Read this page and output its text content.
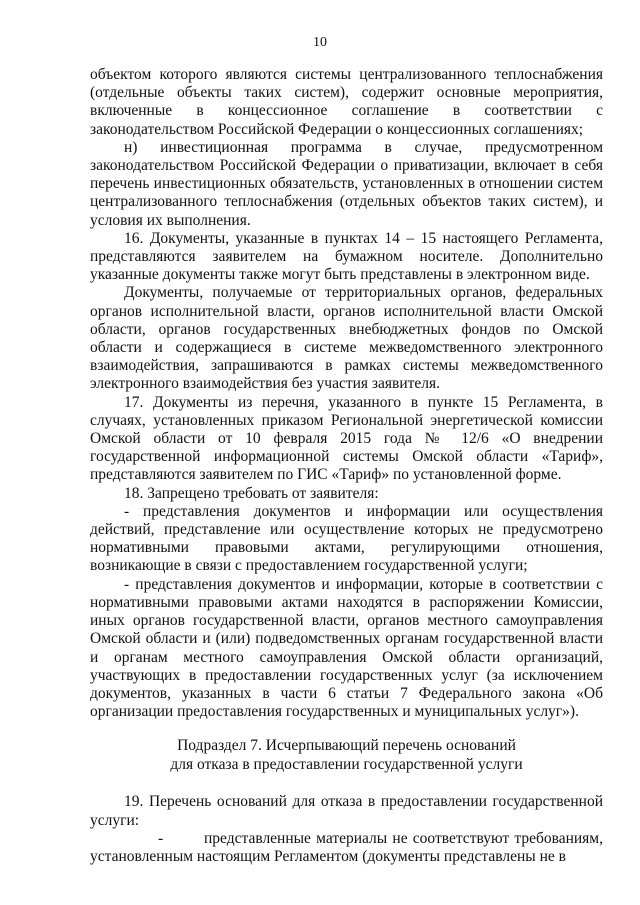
10

объектом которого являются системы централизованного теплоснабжения (отдельные объекты таких систем), содержит основные мероприятия, включенные в концессионное соглашение в соответствии с законодательством Российской Федерации о концессионных соглашениях;

н) инвестиционная программа в случае, предусмотренном законодательством Российской Федерации о приватизации, включает в себя перечень инвестиционных обязательств, установленных в отношении систем централизованного теплоснабжения (отдельных объектов таких систем), и условия их выполнения.

16. Документы, указанные в пунктах 14 – 15 настоящего Регламента, представляются заявителем на бумажном носителе. Дополнительно указанные документы также могут быть представлены в электронном виде.

Документы, получаемые от территориальных органов, федеральных органов исполнительной власти, органов исполнительной власти Омской области, органов государственных внебюджетных фондов по Омской области и содержащиеся в системе межведомственного электронного взаимодействия, запрашиваются в рамках системы межведомственного электронного взаимодействия без участия заявителя.

17. Документы из перечня, указанного в пункте 15 Регламента, в случаях, установленных приказом Региональной энергетической комиссии Омской области от 10 февраля 2015 года № 12/6 «О внедрении государственной информационной системы Омской области «Тариф», представляются заявителем по ГИС «Тариф» по установленной форме.

18. Запрещено требовать от заявителя:

- представления документов и информации или осуществления действий, представление или осуществление которых не предусмотрено нормативными правовыми актами, регулирующими отношения, возникающие в связи с предоставлением государственной услуги;

- представления документов и информации, которые в соответствии с нормативными правовыми актами находятся в распоряжении Комиссии, иных органов государственной власти, органов местного самоуправления Омской области и (или) подведомственных органам государственной власти и органам местного самоуправления Омской области организаций, участвующих в предоставлении государственных услуг (за исключением документов, указанных в части 6 статьи 7 Федерального закона «Об организации предоставления государственных и муниципальных услуг»).

Подраздел 7. Исчерпывающий перечень оснований
для отказа в предоставлении государственной услуги

19. Перечень оснований для отказа в предоставлении государственной услуги:

-	представленные материалы не соответствуют требованиям, установленным настоящим Регламентом (документы представлены не в
